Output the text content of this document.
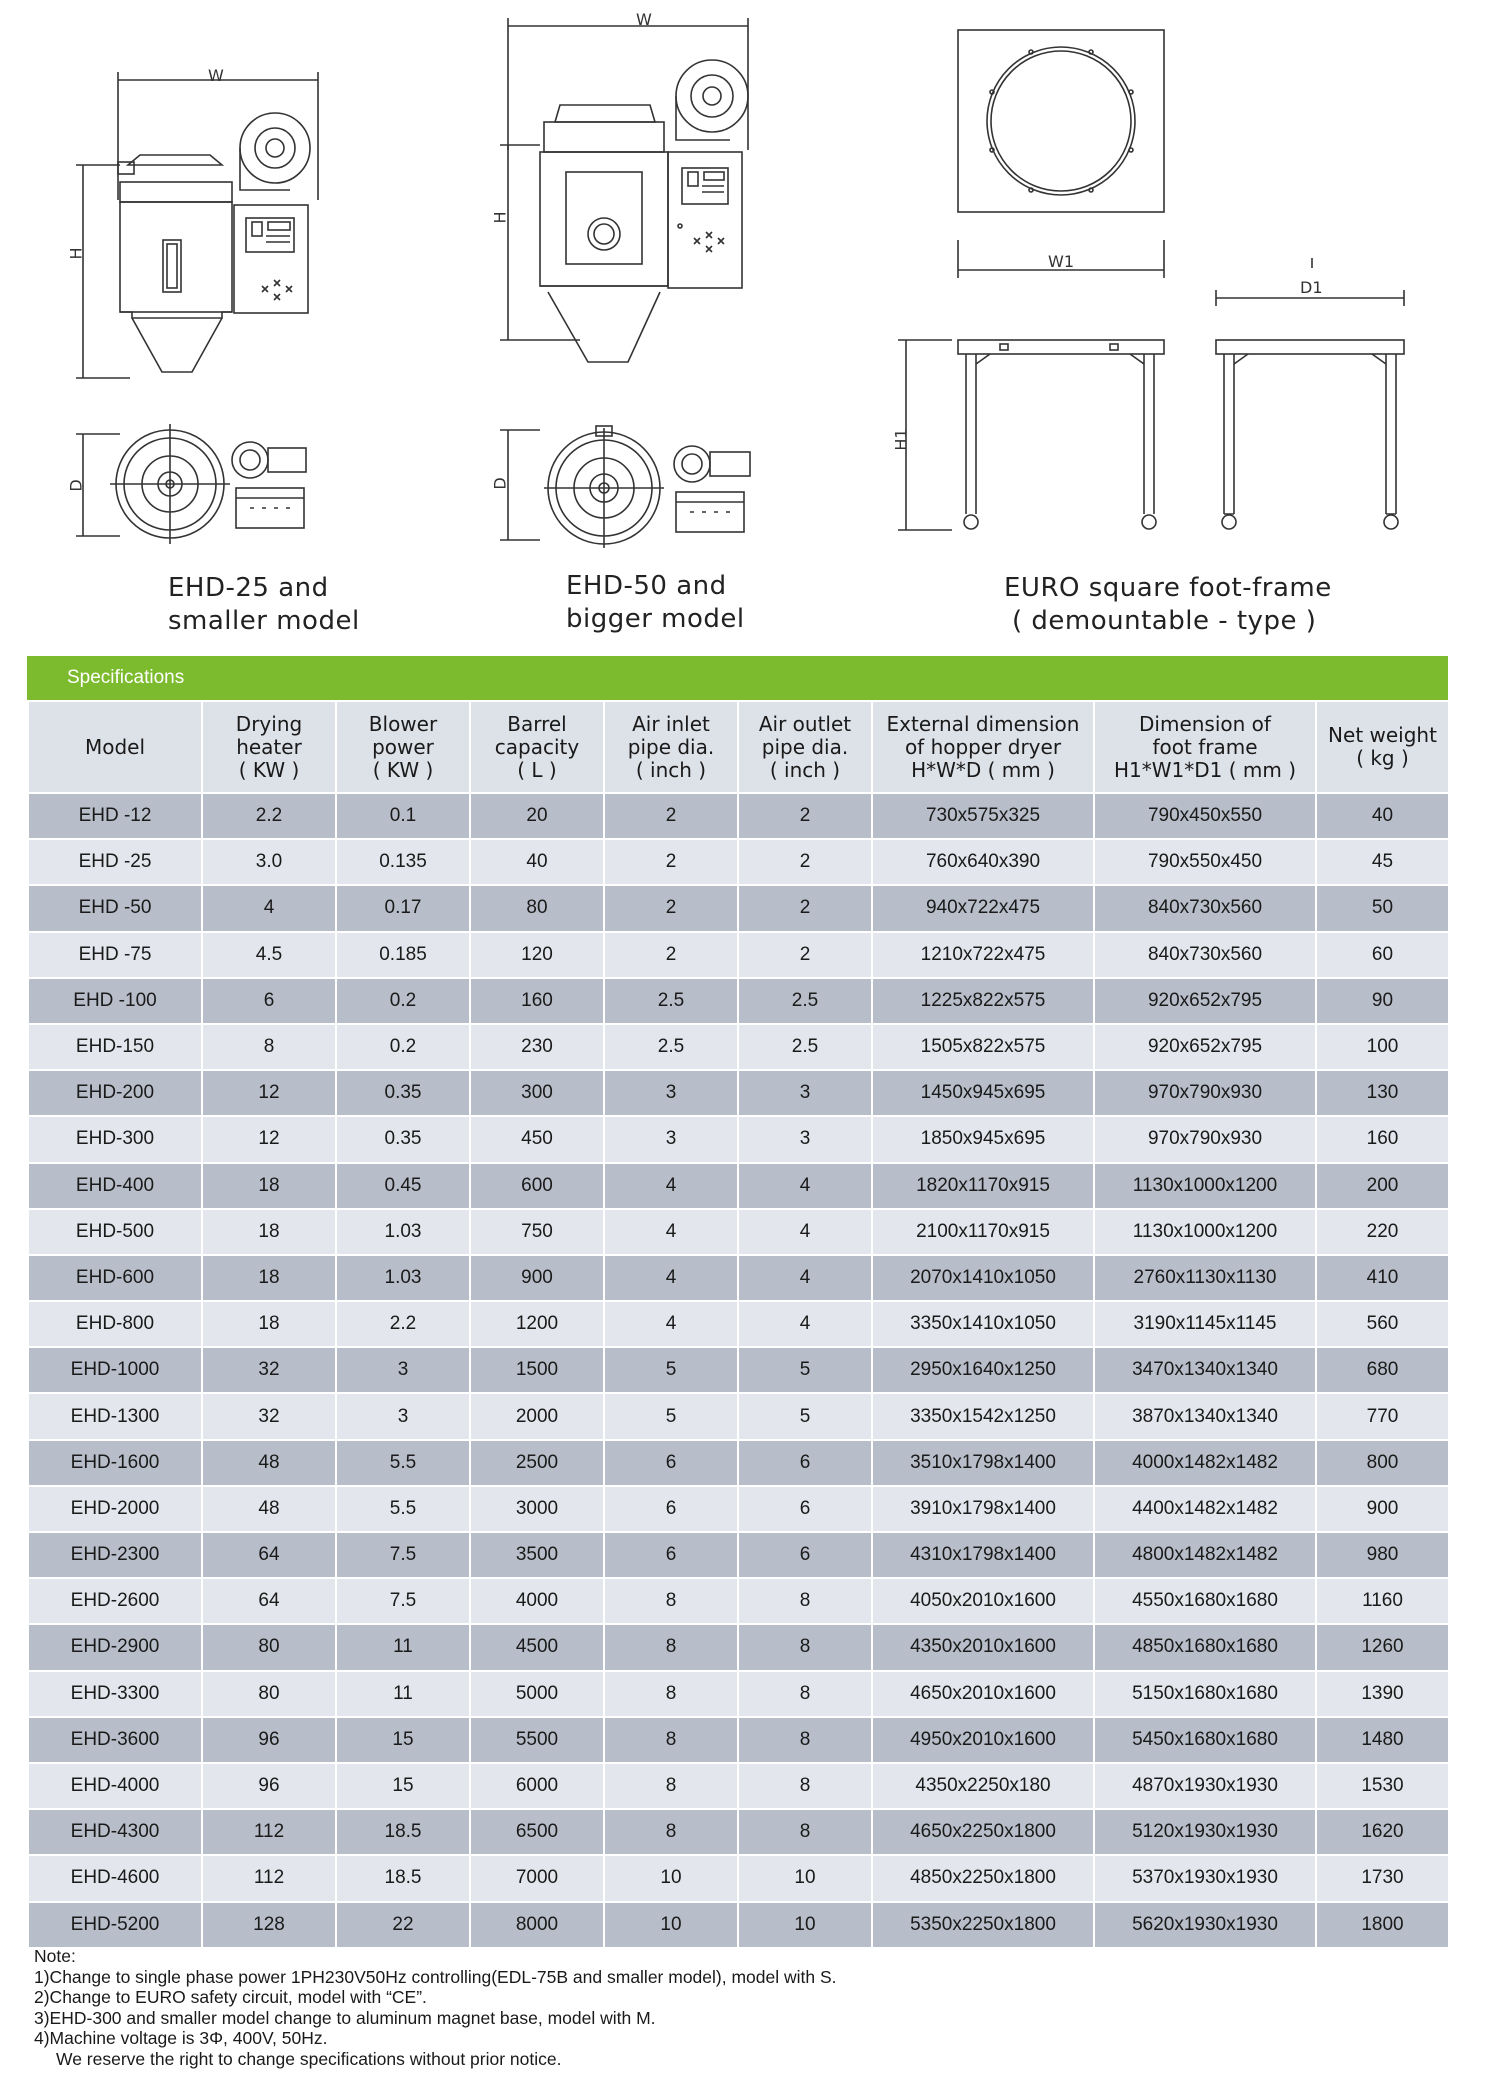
W
H
D
W
H
D
W1
D1
H1
EHD-25 and
smaller model
EHD-50 and
bigger model
EURO square foot-frame
( demountable - type )
Specifications
Model	Drying
heater
( KW )	Blower
power
( KW )	Barrel
capacity
( L )	Air inlet
pipe dia.
( inch )	Air outlet
pipe dia.
( inch )	External dimension
of hopper dryer
H*W*D ( mm )	Dimension of
foot frame
H1*W1*D1 ( mm )	Net weight
( kg )

EHD -12	2.2	0.1	20	2	2	730x575x325	790x450x550	40
EHD -25	3.0	0.135	40	2	2	760x640x390	790x550x450	45
EHD -50	4	0.17	80	2	2	940x722x475	840x730x560	50
EHD -75	4.5	0.185	120	2	2	1210x722x475	840x730x560	60
EHD -100	6	0.2	160	2.5	2.5	1225x822x575	920x652x795	90
EHD-150	8	0.2	230	2.5	2.5	1505x822x575	920x652x795	100
EHD-200	12	0.35	300	3	3	1450x945x695	970x790x930	130
EHD-300	12	0.35	450	3	3	1850x945x695	970x790x930	160
EHD-400	18	0.45	600	4	4	1820x1170x915	1130x1000x1200	200
EHD-500	18	1.03	750	4	4	2100x1170x915	1130x1000x1200	220
EHD-600	18	1.03	900	4	4	2070x1410x1050	2760x1130x1130	410
EHD-800	18	2.2	1200	4	4	3350x1410x1050	3190x1145x1145	560
EHD-1000	32	3	1500	5	5	2950x1640x1250	3470x1340x1340	680
EHD-1300	32	3	2000	5	5	3350x1542x1250	3870x1340x1340	770
EHD-1600	48	5.5	2500	6	6	3510x1798x1400	4000x1482x1482	800
EHD-2000	48	5.5	3000	6	6	3910x1798x1400	4400x1482x1482	900
EHD-2300	64	7.5	3500	6	6	4310x1798x1400	4800x1482x1482	980
EHD-2600	64	7.5	4000	8	8	4050x2010x1600	4550x1680x1680	1160
EHD-2900	80	11	4500	8	8	4350x2010x1600	4850x1680x1680	1260
EHD-3300	80	11	5000	8	8	4650x2010x1600	5150x1680x1680	1390
EHD-3600	96	15	5500	8	8	4950x2010x1600	5450x1680x1680	1480
EHD-4000	96	15	6000	8	8	4350x2250x180	4870x1930x1930	1530
EHD-4300	112	18.5	6500	8	8	4650x2250x1800	5120x1930x1930	1620
EHD-4600	112	18.5	7000	10	10	4850x2250x1800	5370x1930x1930	1730
EHD-5200	128	22	8000	10	10	5350x2250x1800	5620x1930x1930	1800
Note:
1)Change to single phase power 1PH230V50Hz controlling(EDL-75B and smaller model), model with S.
2)Change to EURO safety circuit, model with “CE”.
3)EHD-300 and smaller model change to aluminum magnet base, model with M.
4)Machine voltage is 3Φ, 400V, 50Hz.
We reserve the right to change specifications without prior notice.
